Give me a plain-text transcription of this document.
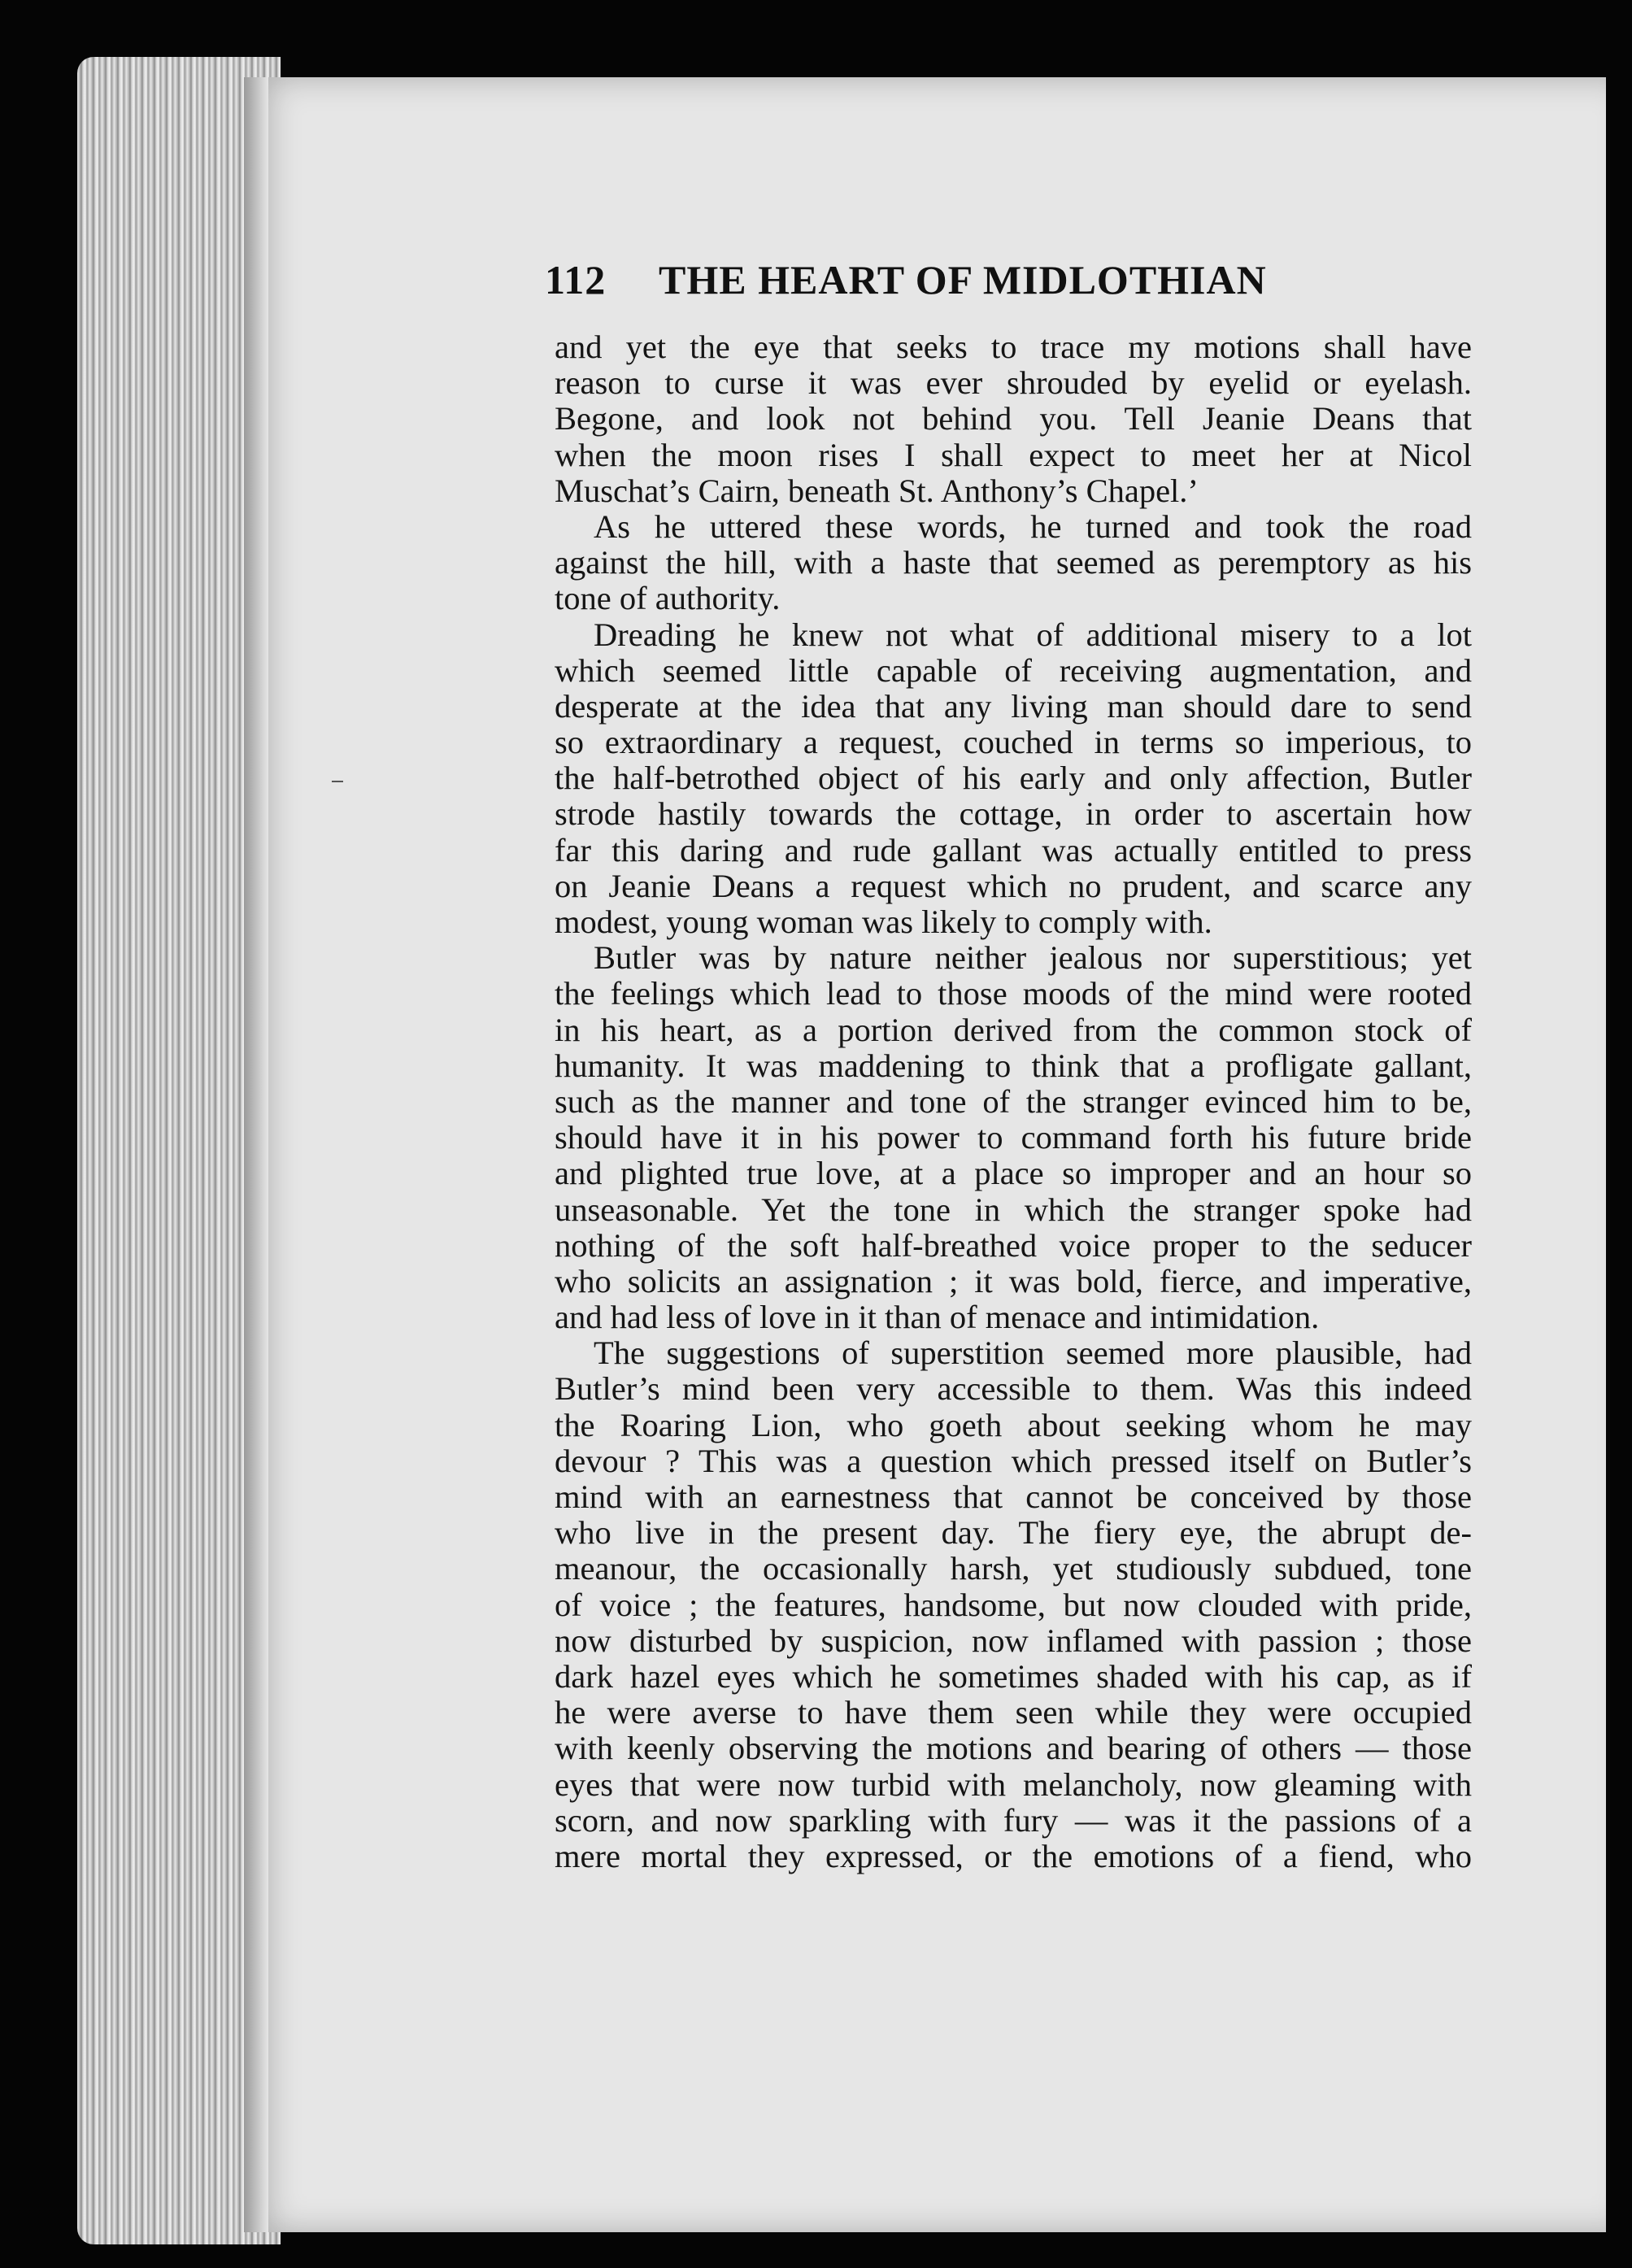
112	THE HEART OF MIDLOTHIAN
and yet the eye that seeks to trace my motions shall have
reason to curse it was ever shrouded by eyelid or eyelash.
Begone, and look not behind you. Tell Jeanie Deans that
when the moon rises I shall expect to meet her at Nicol
Muschat’s Cairn, beneath St. Anthony’s Chapel.’
As he uttered these words, he turned and took the road
against the hill, with a haste that seemed as peremptory as his
tone of authority.
Dreading he knew not what of additional misery to a lot
which seemed little capable of receiving augmentation, and
desperate at the idea that any living man should dare to send
so extraordinary a request, couched in terms so imperious, to
the half-betrothed object of his early and only affection, Butler
strode hastily towards the cottage, in order to ascertain how
far this daring and rude gallant was actually entitled to press
on Jeanie Deans a request which no prudent, and scarce any
modest, young woman was likely to comply with.
Butler was by nature neither jealous nor superstitious; yet
the feelings which lead to those moods of the mind were rooted
in his heart, as a portion derived from the common stock of
humanity. It was maddening to think that a profligate gallant,
such as the manner and tone of the stranger evinced him to be,
should have it in his power to command forth his future bride
and plighted true love, at a place so improper and an hour so
unseasonable. Yet the tone in which the stranger spoke had
nothing of the soft half-breathed voice proper to the seducer
who solicits an assignation ; it was bold, fierce, and imperative,
and had less of love in it than of menace and intimidation.
The suggestions of superstition seemed more plausible, had
Butler’s mind been very accessible to them. Was this indeed
the Roaring Lion, who goeth about seeking whom he may
devour ? This was a question which pressed itself on Butler’s
mind with an earnestness that cannot be conceived by those
who live in the present day. The fiery eye, the abrupt de-
meanour, the occasionally harsh, yet studiously subdued, tone
of voice ; the features, handsome, but now clouded with pride,
now disturbed by suspicion, now inflamed with passion ; those
dark hazel eyes which he sometimes shaded with his cap, as if
he were averse to have them seen while they were occupied
with keenly observing the motions and bearing of others — those
eyes that were now turbid with melancholy, now gleaming with
scorn, and now sparkling with fury — was it the passions of a
mere mortal they expressed, or the emotions of a fiend, who
